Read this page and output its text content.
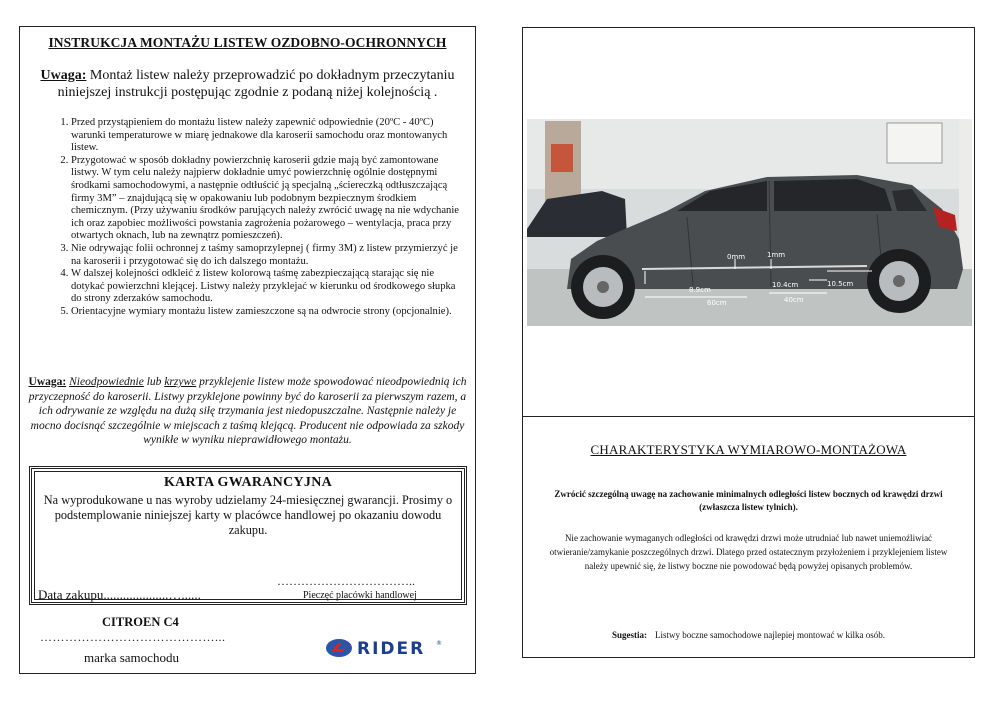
INSTRUKCJA MONTAŻU LISTEW OZDOBNO-OCHRONNYCH
Uwaga: Montaż listew należy przeprowadzić po dokładnym przeczytaniu niniejszej instrukcji postępując zgodnie z podaną niżej kolejnością .
1. Przed przystąpieniem do montażu listew należy zapewnić odpowiednie (20ºC - 40ºC) warunki temperaturowe w miarę jednakowe dla karoserii samochodu oraz montowanych listew.
2. Przygotować w sposób dokładny powierzchnię karoserii gdzie mają być zamontowane listwy. W tym celu należy najpierw dokładnie umyć powierzchnię ogólnie dostępnymi środkami samochodowymi, a następnie odtłuścić ją specjalną „ściereczką odtłuszczającą firmy 3M” – znajdującą się w opakowaniu lub podobnym bezpiecznym środkiem chemicznym. (Przy używaniu środków parujących należy zwrócić uwagę na nie wdychanie ich oraz zapobiec możliwości powstania zagrożenia pożarowego – wentylacja, praca przy otwartych oknach, lub na zewnątrz pomieszczeń).
3. Nie odrywając folii ochronnej z taśmy samoprzylepnej ( firmy 3M) z listew przymierzyć je na karoserii i przygotować się do ich dalszego montażu.
4. W dalszej kolejności odkleić z listew kolorową taśmę zabezpieczającą starając się nie dotykać powierzchni klejącej. Listwy należy przyklejać w kierunku od środkowego słupka do strony zderzaków samochodu.
5. Orientacyjne wymiary montażu listew zamieszczone są na odwrocie strony (opcjonalnie).
Uwaga: Nieodpowiednie lub krzywe przyklejenie listew może spowodować nieodpowiednią ich przyczepność do karoserii. Listwy przyklejone powinny być do karoserii za pierwszym razem, a ich odrywanie ze względu na dużą siłę trzymania jest niedopuszczalne. Następnie należy je mocno docisnąć szczególnie w miejscach z taśmą klejącą. Producent nie odpowiada za szkody wynikłe w wyniku nieprawidłowego montażu.
KARTA GWARANCYJNA
Na wyprodukowane u nas wyroby udzielamy 24-miesięcznej gwarancji. Prosimy o podstemplowanie niniejszej karty w placówce handlowej po okazaniu dowodu zakupu.
……………………………..
Pieczęć placówki handlowej
Data zakupu....................…......
CITROEN C4
……………………………………...
marka samochodu	RIDER ®
0mm	1mm
8.9cm
60cm
10.4cm
40cm
10.5cm
CHARAKTERYSTYKA WYMIAROWO-MONTAŻOWA
Zwrócić szczególną uwagę na zachowanie minimalnych odległości listew bocznych od krawędzi drzwi (zwłaszcza listew tylnich).
Nie zachowanie wymaganych odległości od krawędzi drzwi może utrudniać lub nawet uniemożliwiać otwieranie/zamykanie poszczególnych drzwi. Dlatego przed ostatecznym przyłożeniem i przyklejeniem listew należy upewnić się, że listwy boczne nie powodować będą powyżej opisanych problemów.
Sugestia: Listwy boczne samochodowe najlepiej montować w kilka osób.
